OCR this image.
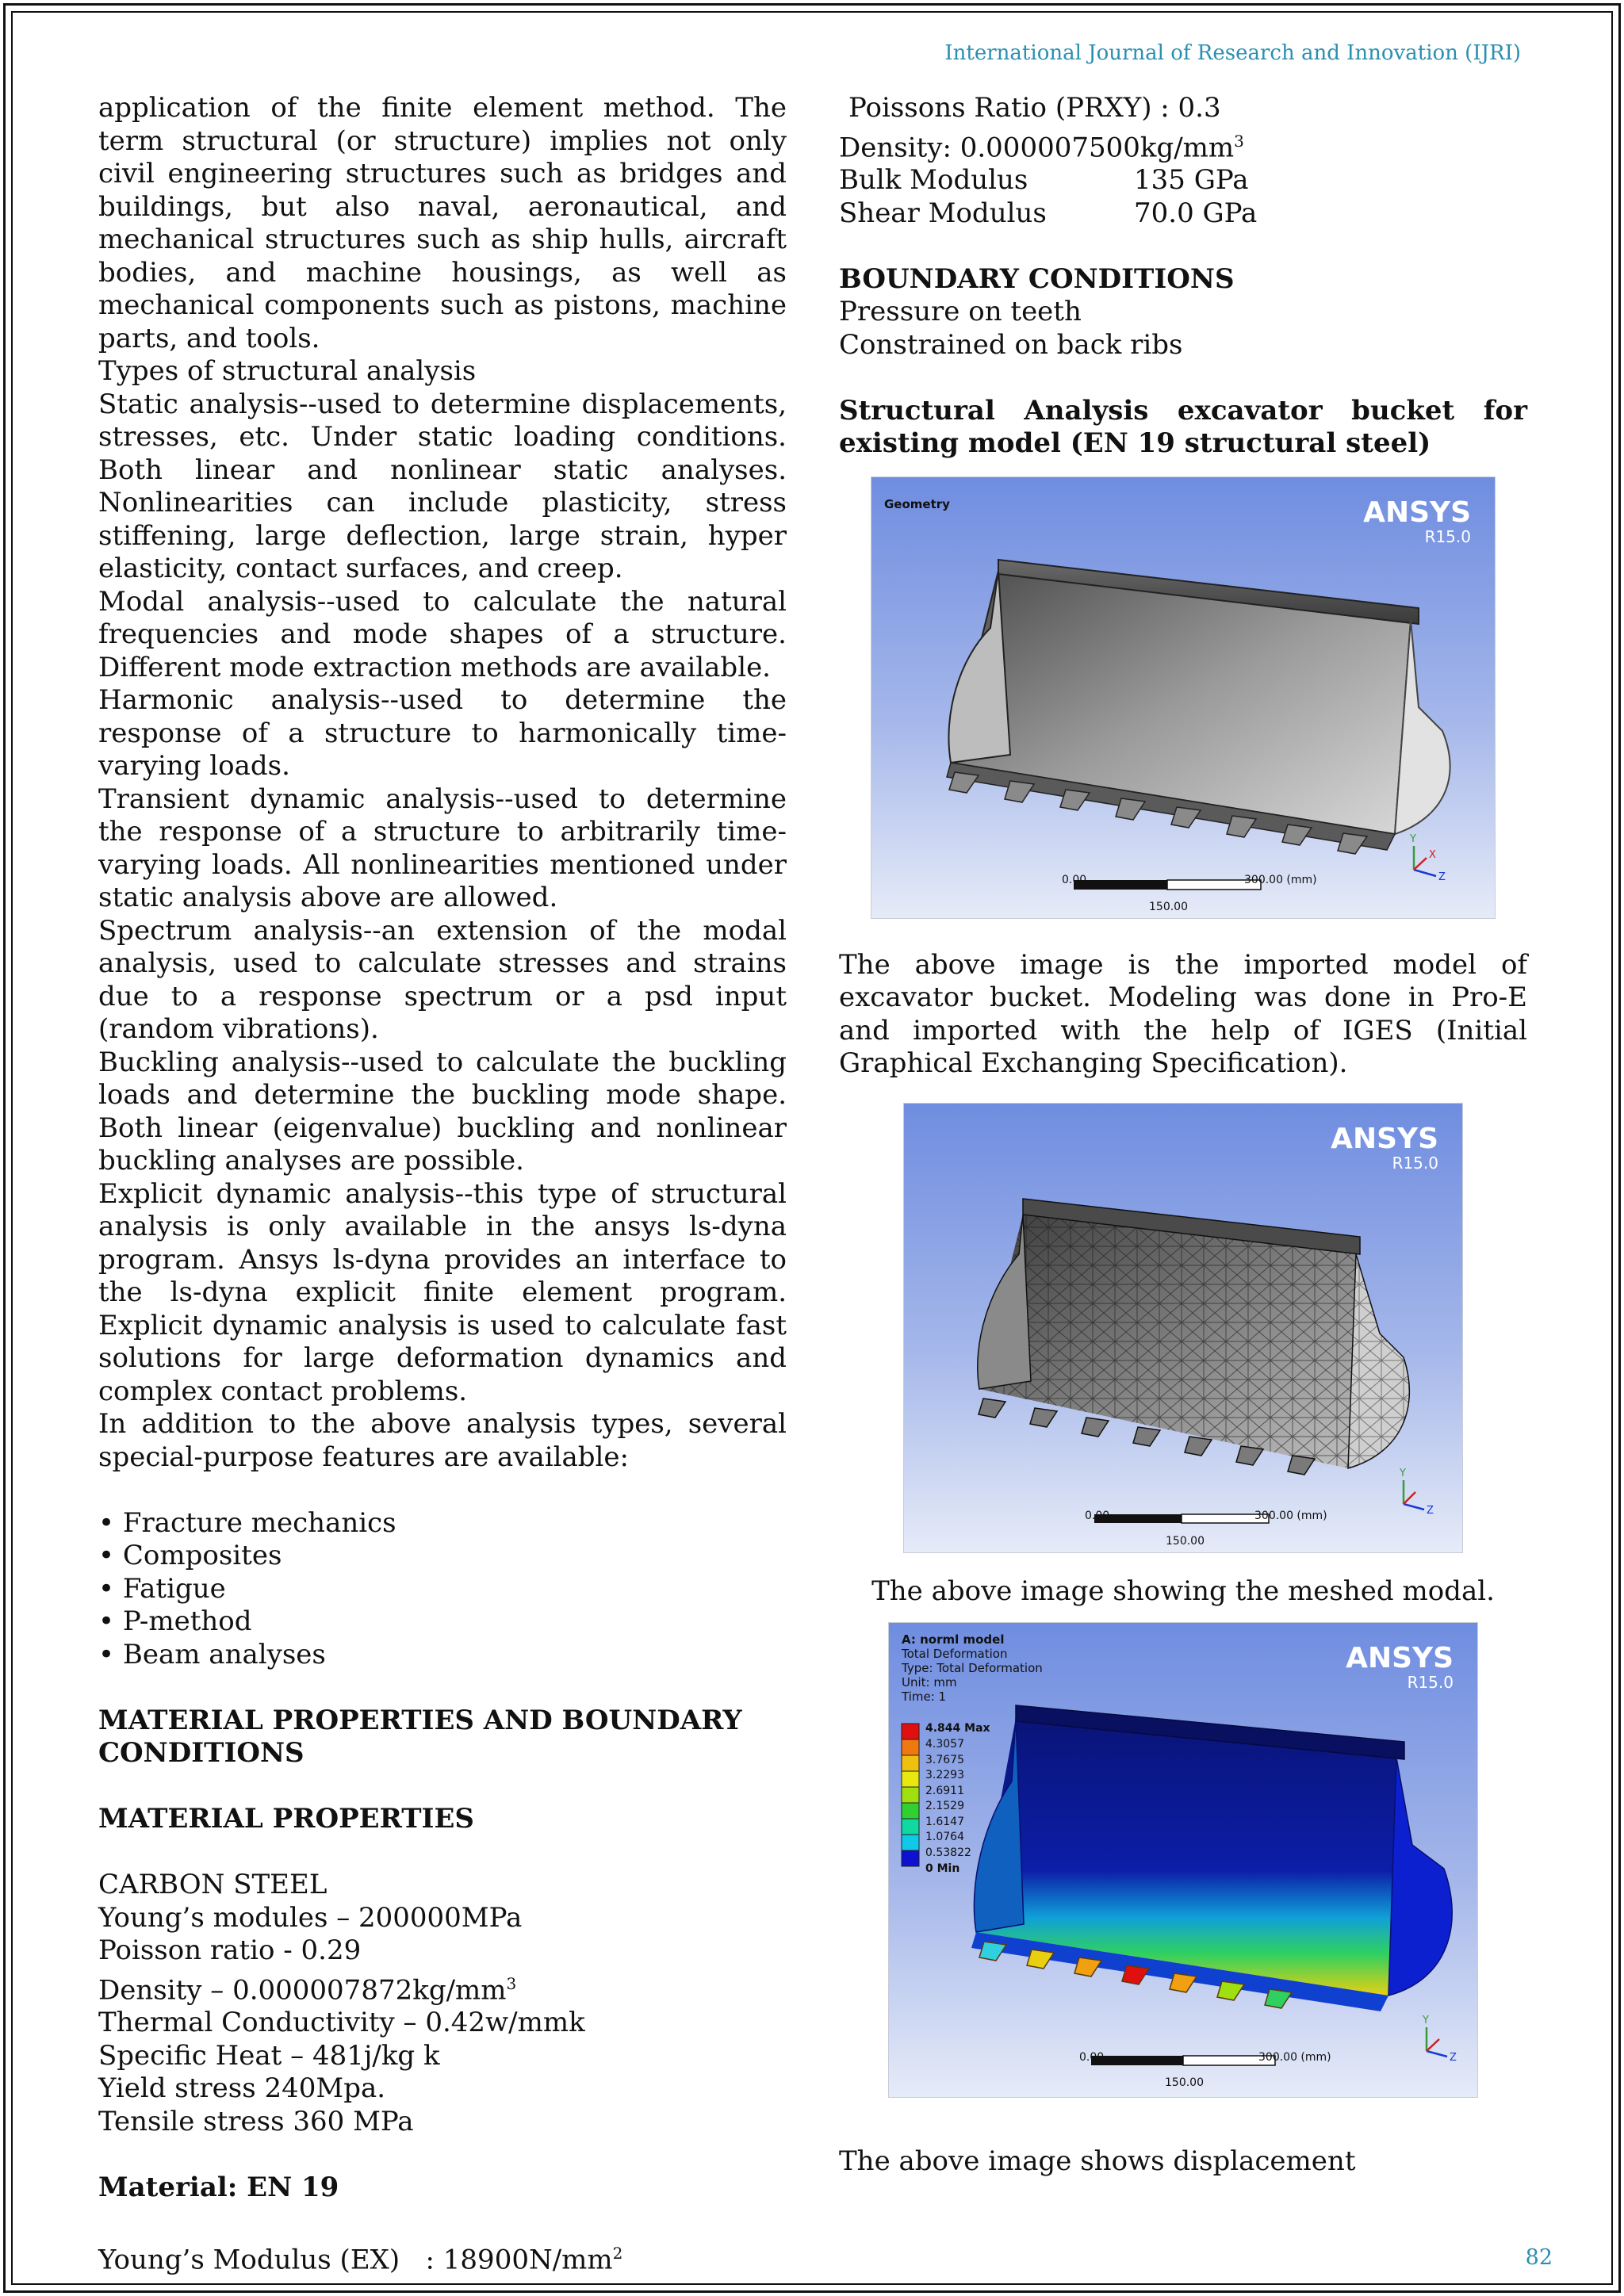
International Journal of Research and Innovation (IJRI)

application of the finite element method. The term structural (or structure) implies not only civil engineering structures such as bridges and buildings, but also naval, aeronautical, and mechanical structures such as ship hulls, aircraft bodies, and machine housings, as well as mechanical components such as pistons, machine parts, and tools.

Types of structural analysis

Static analysis--used to determine displacements, stresses, etc. Under static loading conditions. Both linear and nonlinear static analyses. Nonlinearities can include plasticity, stress stiffening, large deflection, large strain, hyper elasticity, contact surfaces, and creep.

Modal analysis--used to calculate the natural frequencies and mode shapes of a structure. Different mode extraction methods are available.

Harmonic analysis--used to determine the response of a structure to harmonically time-varying loads.

Transient dynamic analysis--used to determine the response of a structure to arbitrarily time-varying loads. All nonlinearities mentioned under static analysis above are allowed.

Spectrum analysis--an extension of the modal analysis, used to calculate stresses and strains due to a response spectrum or a psd input (random vibrations).

Buckling analysis--used to calculate the buckling loads and determine the buckling mode shape. Both linear (eigenvalue) buckling and nonlinear buckling analyses are possible.

Explicit dynamic analysis--this type of structural analysis is only available in the ansys ls-dyna program. Ansys ls-dyna provides an interface to the ls-dyna explicit finite element program. Explicit dynamic analysis is used to calculate fast solutions for large deformation dynamics and complex contact problems.

In addition to the above analysis types, several special-purpose features are available:

• Fracture mechanics
• Composites
• Fatigue
• P-method
• Beam analyses

MATERIAL PROPERTIES AND BOUNDARY CONDITIONS

MATERIAL PROPERTIES

CARBON STEEL

Young’s modules – 200000MPa

Poisson ratio - 0.29

Density – $0.000007872kg/mm^3$

Thermal Conductivity – 0.42w/mmk

Specific Heat – 481j/kg k

Yield stress 240Mpa.

Tensile stress 360 MPa

Material: EN 19

Young’s Modulus (EX)   : $18900N/mm^2$

Poissons Ratio (PRXY) : 0.3

Density: $0.000007500kg/mm^3$

Bulk Modulus	135 GPa

Shear Modulus	70.0 GPa

BOUNDARY CONDITIONS

Pressure on teeth

Constrained on back ribs

Structural Analysis excavator bucket for existing model (EN 19 structural steel)

Y
Z
X
Geometry	ANSYS
R15.0
0.00	300.00 (mm)
150.00

The above image is the imported model of excavator bucket. Modeling was done in Pro-E and imported with the help of IGES (Initial Graphical Exchanging Specification).

Y
Z
ANSYS
R15.0
0.00	300.00 (mm)
150.00

The above image showing the meshed modal.

Y
Z
A: norml model
Total Deformation
Type: Total Deformation
Unit: mm
Time: 1
4.844 Max
4.3057
3.7675
3.2293
2.6911
2.1529
1.6147
1.0764
0.53822
0 Min
ANSYS
R15.0
0.00	300.00 (mm)
150.00

The above image shows displacement

82
